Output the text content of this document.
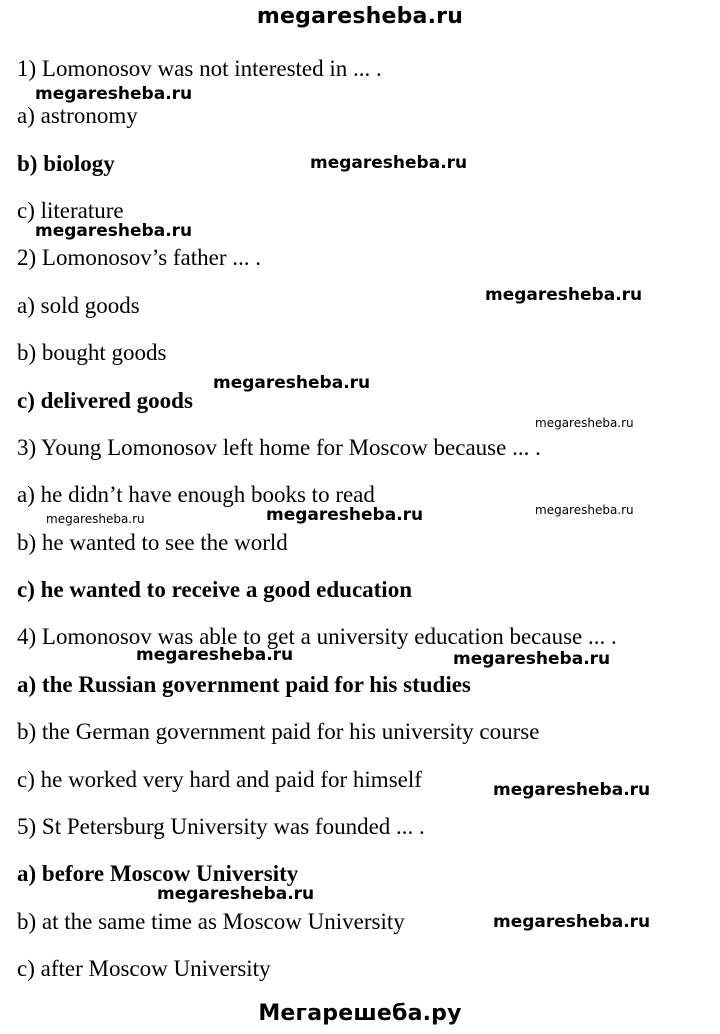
megaresheba.ru
1) Lomonosov was not interested in ... .
a) astronomy
b) biology
c) literature
2) Lomonosov’s father ... .
a) sold goods
b) bought goods
c) delivered goods
3) Young Lomonosov left home for Moscow because ... .
a) he didn’t have enough books to read
b) he wanted to see the world
c) he wanted to receive a good education
4) Lomonosov was able to get a university education because ... .
a) the Russian government paid for his studies
b) the German government paid for his university course
c) he worked very hard and paid for himself
5) St Petersburg University was founded ... .
a) before Moscow University
b) at the same time as Moscow University
c) after Moscow University
megaresheba.ru
megaresheba.ru
megaresheba.ru
megaresheba.ru
megaresheba.ru
megaresheba.ru
megaresheba.ru	megaresheba.ru	megaresheba.ru
megaresheba.ru	megaresheba.ru
megaresheba.ru
megaresheba.ru
megaresheba.ru
Мегарешеба.ру
